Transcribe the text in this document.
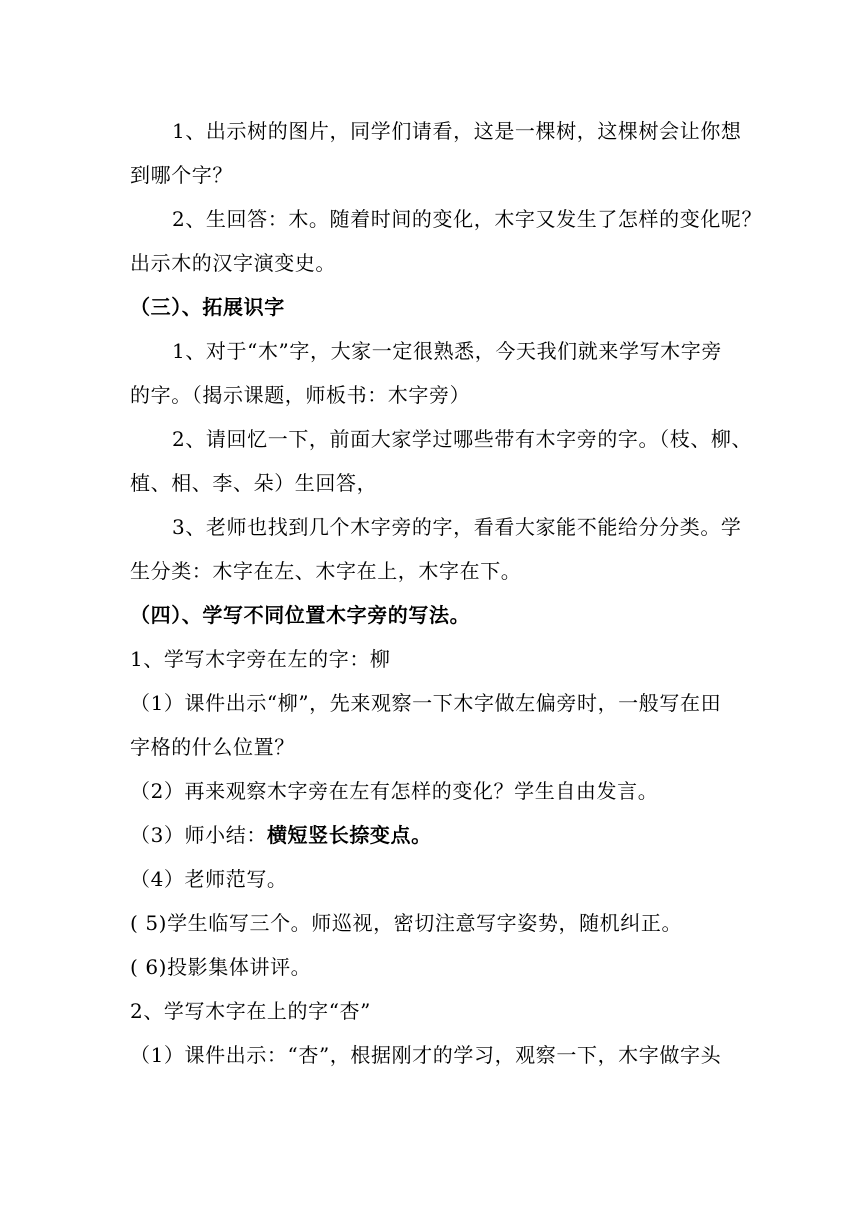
1、出示树的图片，同学们请看，这是一棵树，这棵树会让你想
到哪个字？
2、生回答：木。随着时间的变化，木字又发生了怎样的变化呢？
出示木的汉字演变史。
（三）、拓展识字
1、对于“木”字，大家一定很熟悉，今天我们就来学写木字旁
的字。（揭示课题，师板书：木字旁）
2、请回忆一下，前面大家学过哪些带有木字旁的字。（枝、柳、
植、相、李、朵）生回答，
3、老师也找到几个木字旁的字，看看大家能不能给分分类。学
生分类：木字在左、木字在上，木字在下。
（四）、学写不同位置木字旁的写法。
1、学写木字旁在左的字：柳
（1）课件出示“柳”，先来观察一下木字做左偏旁时，一般写在田
字格的什么位置？
（2）再来观察木字旁在左有怎样的变化？学生自由发言。
（3）师小结：横短竖长捺变点。
（4）老师范写。
( 5)学生临写三个。师巡视，密切注意写字姿势，随机纠正。
( 6)投影集体讲评。
2、学写木字在上的字“杏”
（1）课件出示：“杏”，根据刚才的学习，观察一下，木字做字头
